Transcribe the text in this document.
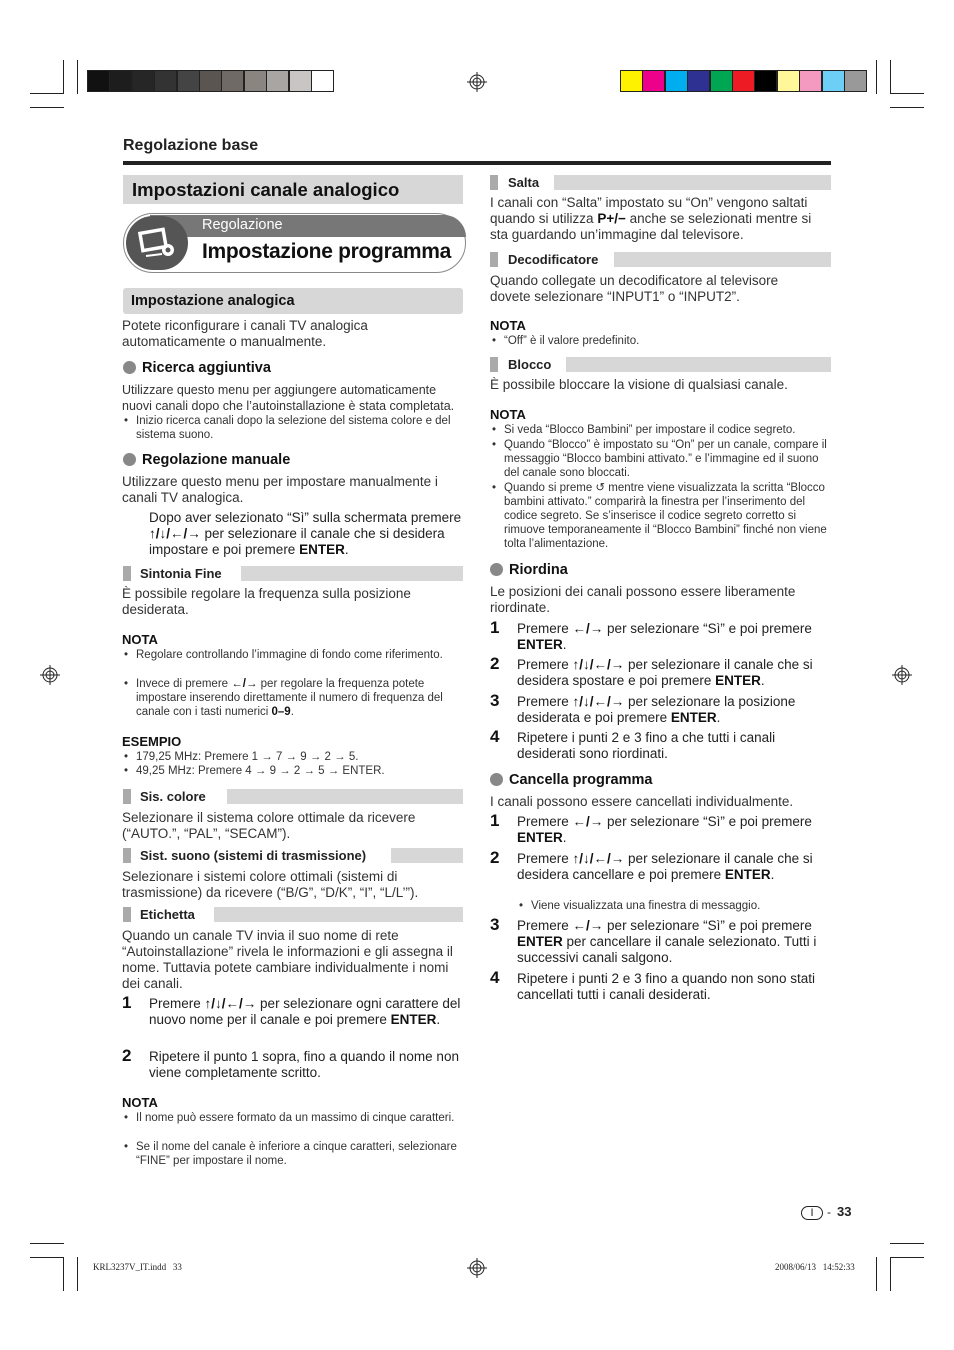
Regolazione base
Impostazioni canale analogico
Regolazione
Impostazione programma
Impostazione analogica
Potete riconfigurare i canali TV analogica automaticamente o manualmente.
Ricerca aggiuntiva
Utilizzare questo menu per aggiungere automaticamente nuovi canali dopo che l’autoinstallazione è stata completata.
• Inizio ricerca canali dopo la selezione del sistema colore e del sistema suono.
Regolazione manuale
Utilizzare questo menu per impostare manualmente i canali TV analogica.
Dopo aver selezionato “Sì” sulla schermata premere ↑/↓/←/→ per selezionare il canale che si desidera impostare e poi premere ENTER.
Sintonia Fine
È possibile regolare la frequenza sulla posizione desiderata.
NOTA
• Regolare controllando l’immagine di fondo come riferimento.
• Invece di premere ←/→ per regolare la frequenza potete impostare inserendo direttamente il numero di frequenza del canale con i tasti numerici 0–9.
ESEMPIO
• 179,25 MHz: Premere 1 → 7 → 9 → 2 → 5.
• 49,25 MHz: Premere 4 → 9 → 2 → 5 → ENTER.
Sis. colore
Selezionare il sistema colore ottimale da ricevere (“AUTO.”, “PAL”, “SECAM”).
Sist. suono (sistemi di trasmissione)
Selezionare i sistemi colore ottimali (sistemi di trasmissione) da ricevere (“B/G”, “D/K”, “I”, “L/L’”).
Etichetta
Quando un canale TV invia il suo nome di rete “Autoinstallazione” rivela le informazioni e gli assegna il nome. Tuttavia potete cambiare individualmente i nomi dei canali.
1 Premere ↑/↓/←/→ per selezionare ogni carattere del nuovo nome per il canale e poi premere ENTER.
2 Ripetere il punto 1 sopra, fino a quando il nome non viene completamente scritto.
NOTA
• Il nome può essere formato da un massimo di cinque caratteri.
• Se il nome del canale è inferiore a cinque caratteri, selezionare “FINE” per impostare il nome.
Salta
I canali con “Salta” impostato su “On” vengono saltati quando si utilizza P+/− anche se selezionati mentre si sta guardando un’immagine dal televisore.
Decodificatore
Quando collegate un decodificatore al televisore dovete selezionare “INPUT1” o “INPUT2”.
NOTA
• “Off” è il valore predefinito.
Blocco
È possibile bloccare la visione di qualsiasi canale.
NOTA
• Si veda “Blocco Bambini” per impostare il codice segreto.
• Quando “Blocco” è impostato su “On” per un canale, compare il messaggio “Blocco bambini attivato.” e l’immagine ed il suono del canale sono bloccati.
• Quando si preme ↺ mentre viene visualizzata la scritta “Blocco bambini attivato.” comparirà la finestra per l’inserimento del codice segreto. Se s’inserisce il codice segreto corretto si rimuove temporaneamente il “Blocco Bambini” finché non viene tolta l’alimentazione.
Riordina
Le posizioni dei canali possono essere liberamente riordinate.
1 Premere ←/→ per selezionare “Sì” e poi premere ENTER.
2 Premere ↑/↓/←/→ per selezionare il canale che si desidera spostare e poi premere ENTER.
3 Premere ↑/↓/←/→ per selezionare la posizione desiderata e poi premere ENTER.
4 Ripetere i punti 2 e 3 fino a che tutti i canali desiderati sono riordinati.
Cancella programma
I canali possono essere cancellati individualmente.
1 Premere ←/→ per selezionare “Sì” e poi premere ENTER.
2 Premere ↑/↓/←/→ per selezionare il canale che si desidera cancellare e poi premere ENTER.
• Viene visualizzata una finestra di messaggio.
3 Premere ←/→ per selezionare “Sì” e poi premere ENTER per cancellare il canale selezionato. Tutti i successivi canali salgono.
4 Ripetere i punti 2 e 3 fino a quando non sono stati cancellati tutti i canali desiderati.
I	- 33
KRL3237V_IT.indd   33	2008/06/13   14:52:33
